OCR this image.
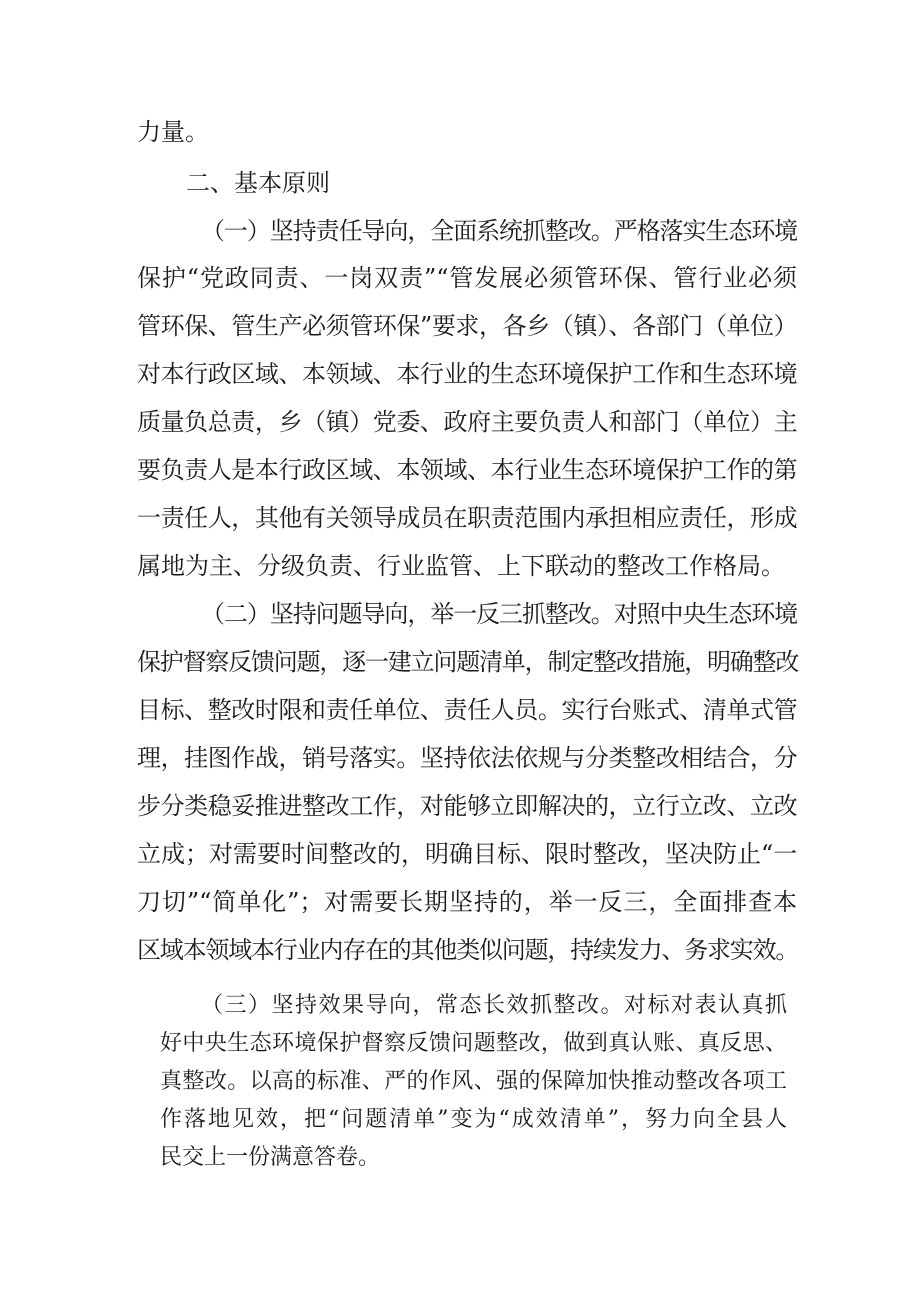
力量。
二、基本原则
（一）坚持责任导向，全面系统抓整改。严格落实生态环境
保护“党政同责、一岗双责”“管发展必须管环保、管行业必须
管环保、管生产必须管环保”要求，各乡（镇）、各部门（单位）
对本行政区域、本领域、本行业的生态环境保护工作和生态环境
质量负总责，乡（镇）党委、政府主要负责人和部门（单位）主
要负责人是本行政区域、本领域、本行业生态环境保护工作的第
一责任人，其他有关领导成员在职责范围内承担相应责任，形成
属地为主、分级负责、行业监管、上下联动的整改工作格局。
（二）坚持问题导向，举一反三抓整改。对照中央生态环境
保护督察反馈问题，逐一建立问题清单，制定整改措施，明确整改
目标、整改时限和责任单位、责任人员。实行台账式、清单式管
理，挂图作战，销号落实。坚持依法依规与分类整改相结合，分
步分类稳妥推进整改工作，对能够立即解决的，立行立改、立改
立成；对需要时间整改的，明确目标、限时整改，坚决防止“一
刀切”“简单化”；对需要长期坚持的，举一反三，全面排查本
区域本领域本行业内存在的其他类似问题，持续发力、务求实效。
（三）坚持效果导向，常态长效抓整改。对标对表认真抓
好中央生态环境保护督察反馈问题整改，做到真认账、真反思、
真整改。以高的标准、严的作风、强的保障加快推动整改各项工
作落地见效，把“问题清单”变为“成效清单”，努力向全县人
民交上一份满意答卷。
